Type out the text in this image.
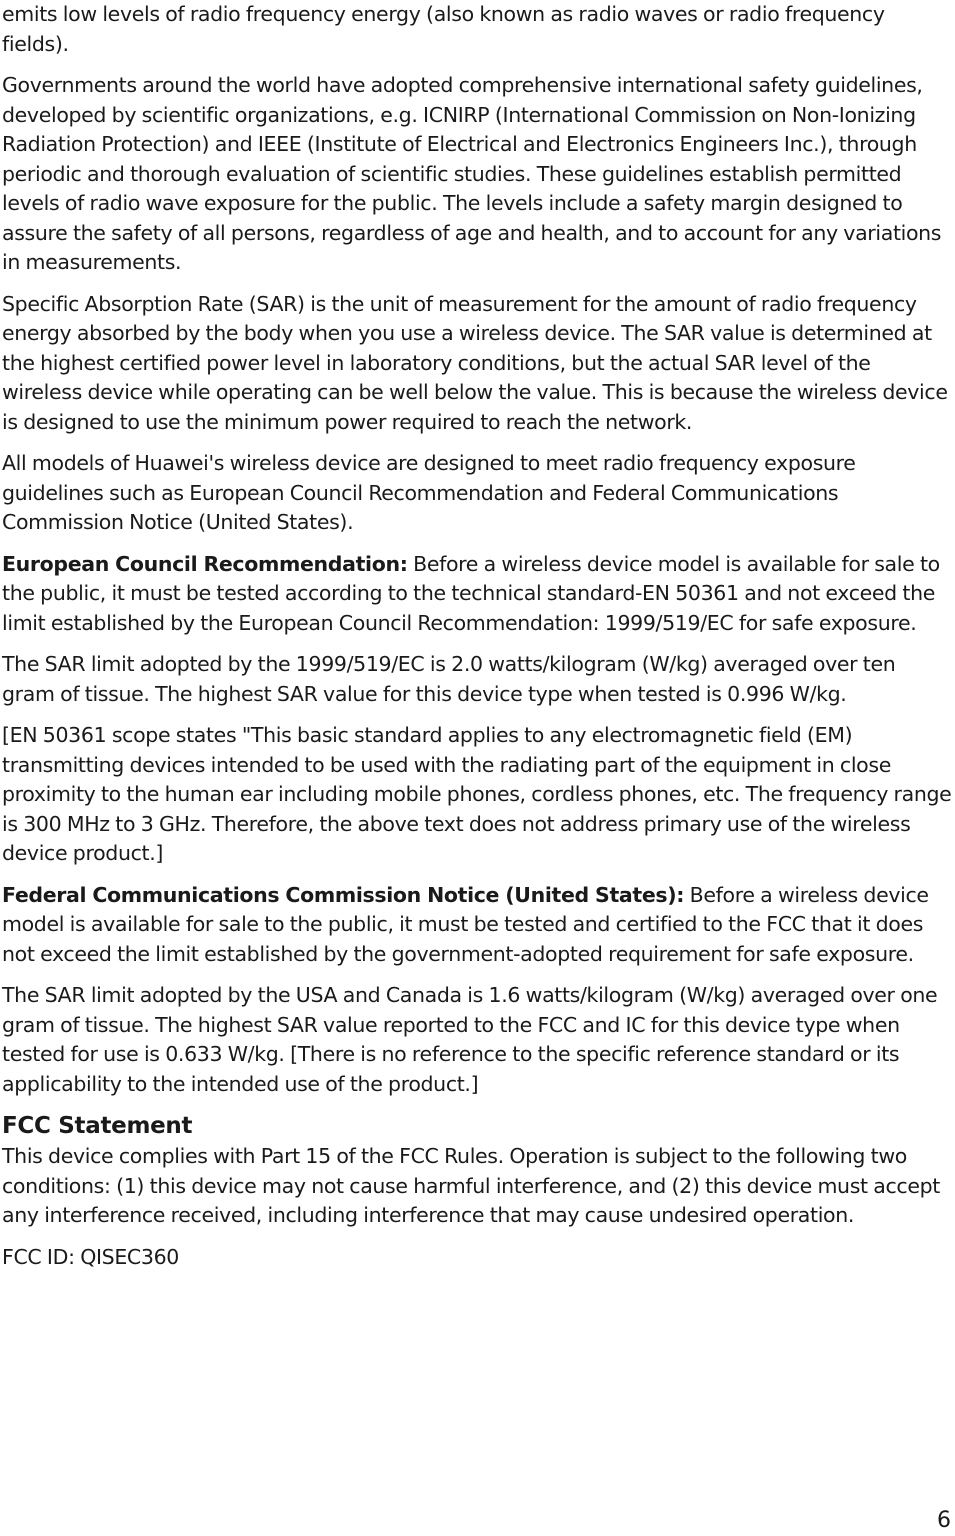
emits low levels of radio frequency energy (also known as radio waves or radio frequency fields).

Governments around the world have adopted comprehensive international safety guidelines, developed by scientific organizations, e.g. ICNIRP (International Commission on Non-Ionizing Radiation Protection) and IEEE (Institute of Electrical and Electronics Engineers Inc.), through periodic and thorough evaluation of scientific studies. These guidelines establish permitted levels of radio wave exposure for the public. The levels include a safety margin designed to assure the safety of all persons, regardless of age and health, and to account for any variations in measurements.

Specific Absorption Rate (SAR) is the unit of measurement for the amount of radio frequency energy absorbed by the body when you use a wireless device. The SAR value is determined at the highest certified power level in laboratory conditions, but the actual SAR level of the wireless device while operating can be well below the value. This is because the wireless device is designed to use the minimum power required to reach the network.

All models of Huawei's wireless device are designed to meet radio frequency exposure guidelines such as European Council Recommendation and Federal Communications Commission Notice (United States).

European Council Recommendation: Before a wireless device model is available for sale to the public, it must be tested according to the technical standard-EN 50361 and not exceed the limit established by the European Council Recommendation: 1999/519/EC for safe exposure.

The SAR limit adopted by the 1999/519/EC is 2.0 watts/kilogram (W/kg) averaged over ten gram of tissue. The highest SAR value for this device type when tested is 0.996 W/kg.

[EN 50361 scope states "This basic standard applies to any electromagnetic field (EM) transmitting devices intended to be used with the radiating part of the equipment in close proximity to the human ear including mobile phones, cordless phones, etc. The frequency range is 300 MHz to 3 GHz. Therefore, the above text does not address primary use of the wireless device product.]

Federal Communications Commission Notice (United States): Before a wireless device model is available for sale to the public, it must be tested and certified to the FCC that it does not exceed the limit established by the government-adopted requirement for safe exposure.

The SAR limit adopted by the USA and Canada is 1.6 watts/kilogram (W/kg) averaged over one gram of tissue. The highest SAR value reported to the FCC and IC for this device type when tested for use is 0.633 W/kg. [There is no reference to the specific reference standard or its applicability to the intended use of the product.]

FCC Statement

This device complies with Part 15 of the FCC Rules. Operation is subject to the following two conditions: (1) this device may not cause harmful interference, and (2) this device must accept any interference received, including interference that may cause undesired operation.

FCC ID: QISEC360

6
